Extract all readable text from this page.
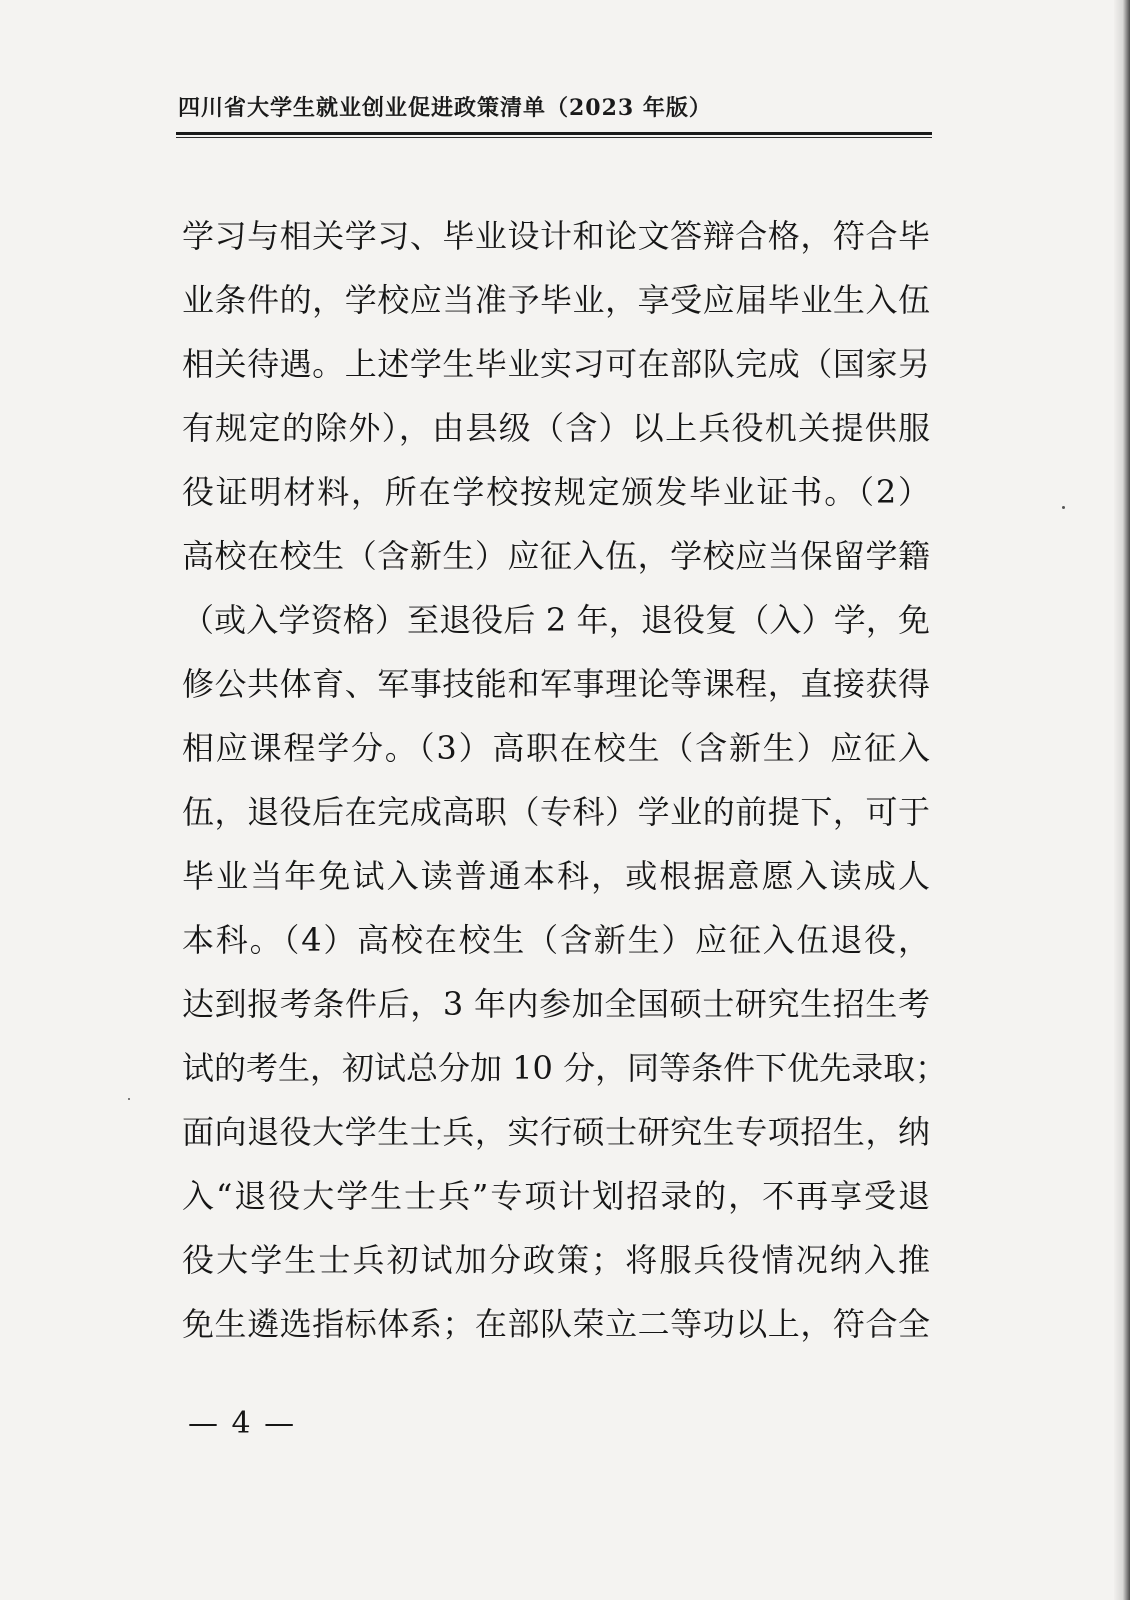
四川省大学生就业创业促进政策清单（2023 年版）
学习与相关学习、毕业设计和论文答辩合格，符合毕
业条件的，学校应当准予毕业，享受应届毕业生入伍
相关待遇。上述学生毕业实习可在部队完成（国家另
有规定的除外），由县级（含）以上兵役机关提供服
役证明材料，所在学校按规定颁发毕业证书。（2）
高校在校生（含新生）应征入伍，学校应当保留学籍
（或入学资格）至退役后 2 年，退役复（入）学，免
修公共体育、军事技能和军事理论等课程，直接获得
相应课程学分。（3）高职在校生（含新生）应征入
伍，退役后在完成高职（专科）学业的前提下，可于
毕业当年免试入读普通本科，或根据意愿入读成人
本科。（4）高校在校生（含新生）应征入伍退役，
达到报考条件后，3 年内参加全国硕士研究生招生考
试的考生，初试总分加 10 分，同等条件下优先录取；
面向退役大学生士兵，实行硕士研究生专项招生，纳
入“退役大学生士兵”专项计划招录的，不再享受退
役大学生士兵初试加分政策；将服兵役情况纳入推
免生遴选指标体系；在部队荣立二等功以上，符合全
— 4 —
